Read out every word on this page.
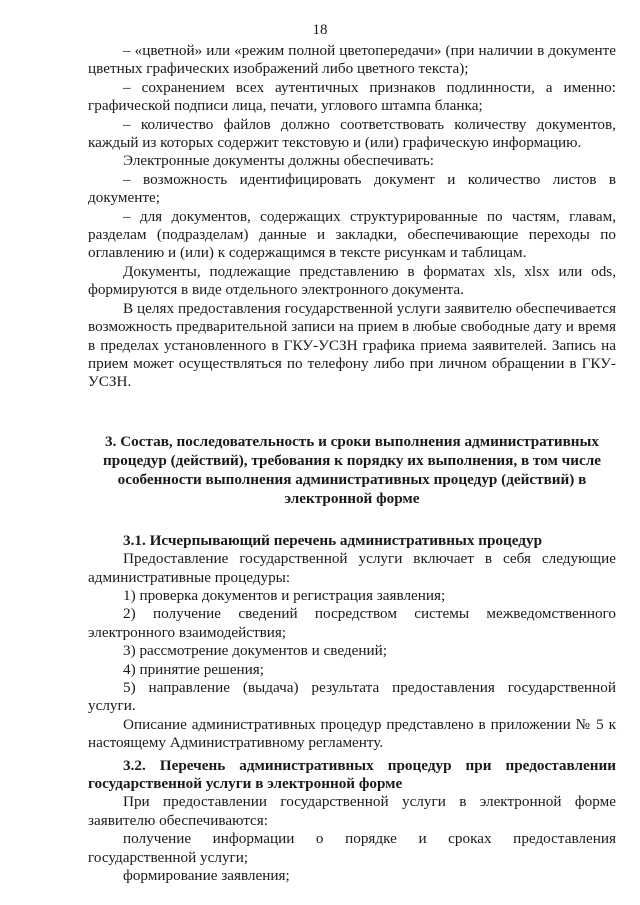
18

– «цветной» или «режим полной цветопередачи» (при наличии в документе цветных графических изображений либо цветного текста);

– сохранением всех аутентичных признаков подлинности, а именно: графической подписи лица, печати, углового штампа бланка;

– количество файлов должно соответствовать количеству документов, каждый из которых содержит текстовую и (или) графическую информацию.

Электронные документы должны обеспечивать:

– возможность идентифицировать документ и количество листов в документе;

– для документов, содержащих структурированные по частям, главам, разделам (подразделам) данные и закладки, обеспечивающие переходы по оглавлению и (или) к содержащимся в тексте рисункам и таблицам.

Документы, подлежащие представлению в форматах xls, xlsx или ods, формируются в виде отдельного электронного документа.

В целях предоставления государственной услуги заявителю обеспечивается возможность предварительной записи на прием в любые свободные дату и время в пределах установленного в ГКУ-УСЗН графика приема заявителей. Запись на прием может осуществляться по телефону либо при личном обращении в ГКУ-УСЗН.

3. Состав, последовательность и сроки выполнения административных процедур (действий), требования к порядку их выполнения, в том числе особенности выполнения административных процедур (действий) в электронной форме

3.1. Исчерпывающий перечень административных процедур

Предоставление государственной услуги включает в себя следующие административные процедуры:

1) проверка документов и регистрация заявления;

2) получение сведений посредством системы межведомственного электронного взаимодействия;

3) рассмотрение документов и сведений;

4) принятие решения;

5) направление (выдача) результата предоставления государственной услуги.

Описание административных процедур представлено в приложении № 5 к настоящему Административному регламенту.

3.2. Перечень административных процедур при предоставлении государственной услуги в электронной форме

При предоставлении государственной услуги в электронной форме заявителю обеспечиваются:

получение информации о порядке и сроках предоставления государственной услуги;

формирование заявления;
